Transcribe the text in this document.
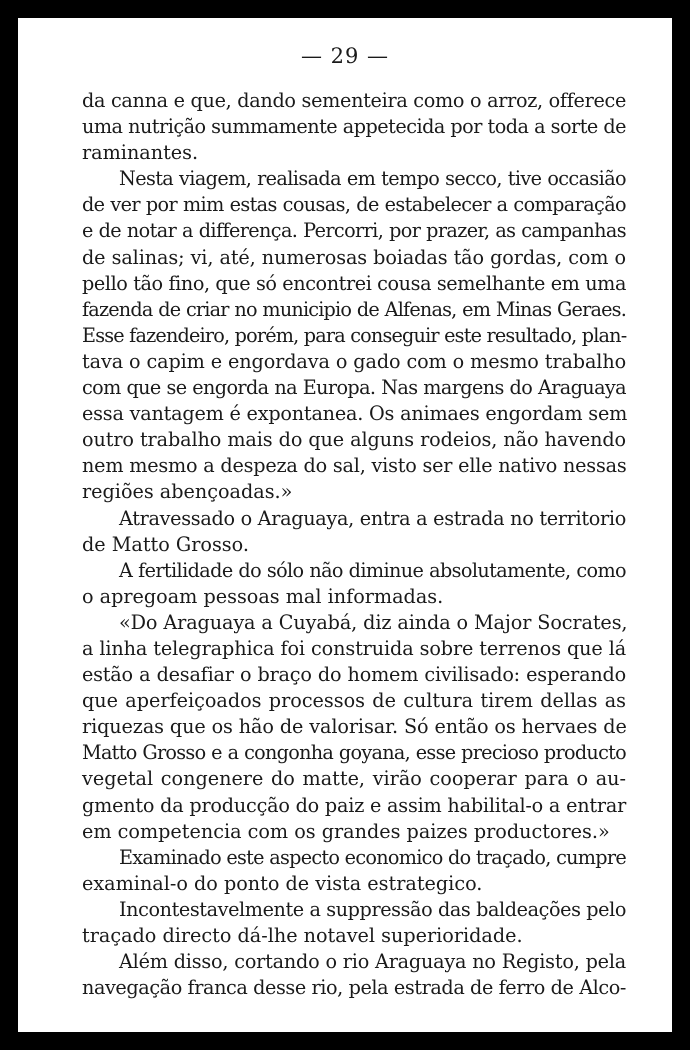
— 29 —
da canna e que, dando sementeira como o arroz, offerece
uma nutrição summamente appetecida por toda a sorte de
raminantes.
Nesta viagem, realisada em tempo secco, tive occasião
de ver por mim estas cousas, de estabelecer a comparação
e de notar a differença. Percorri, por prazer, as campanhas
de salinas; vi, até, numerosas boiadas tão gordas, com o
pello tão fino, que só encontrei cousa semelhante em uma
fazenda de criar no municipio de Alfenas, em Minas Geraes.
Esse fazendeiro, porém, para conseguir este resultado, plan-
tava o capim e engordava o gado com o mesmo trabalho
com que se engorda na Europa. Nas margens do Araguaya
essa vantagem é expontanea. Os animaes engordam sem
outro trabalho mais do que alguns rodeios, não havendo
nem mesmo a despeza do sal, visto ser elle nativo nessas
regiões abençoadas.»
Atravessado o Araguaya, entra a estrada no territorio
de Matto Grosso.
A fertilidade do sólo não diminue absolutamente, como
o apregoam pessoas mal informadas.
«Do Araguaya a Cuyabá, diz ainda o Major Socrates,
a linha telegraphica foi construida sobre terrenos que lá
estão a desafiar o braço do homem civilisado: esperando
que aperfeiçoados processos de cultura tirem dellas as
riquezas que os hão de valorisar. Só então os hervaes de
Matto Grosso e a congonha goyana, esse precioso producto
vegetal congenere do matte, virão cooperar para o au-
gmento da producção do paiz e assim habilital-o a entrar
em competencia com os grandes paizes productores.»
Examinado este aspecto economico do traçado, cumpre
examinal-o do ponto de vista estrategico.
Incontestavelmente a suppressão das baldeações pelo
traçado directo dá-lhe notavel superioridade.
Além disso, cortando o rio Araguaya no Registo, pela
navegação franca desse rio, pela estrada de ferro de Alco-
